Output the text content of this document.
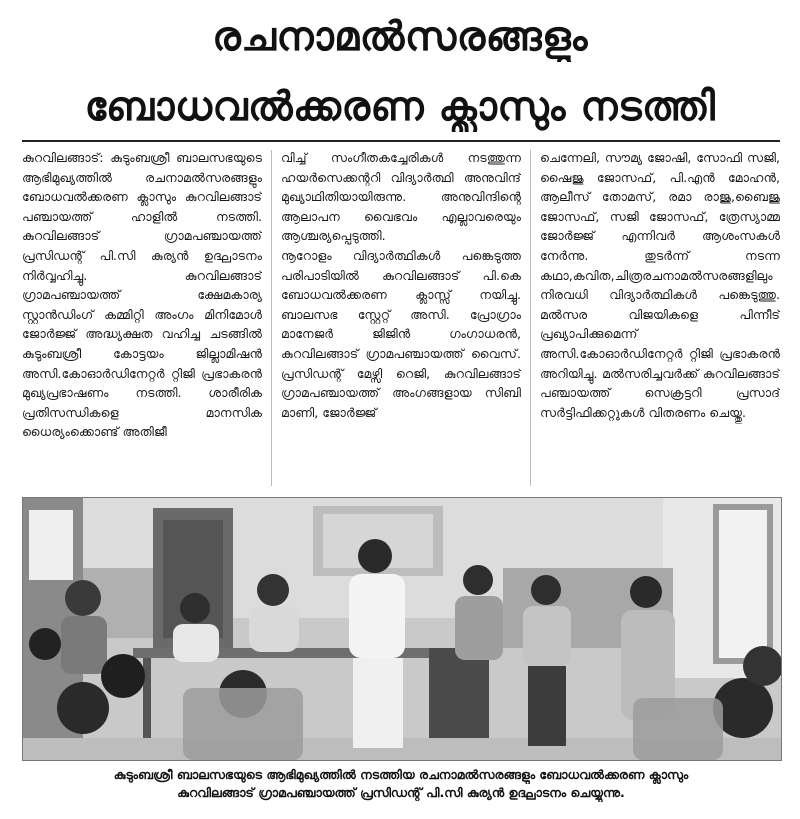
രചനാമൽസരങ്ങളും
ബോധവൽക്കരണ ക്ലാസും നടത്തി

കുറവിലങ്ങാട്: കുടുംബശ്രീ ബാലസഭയുടെ ആഭിമുഖ്യത്തിൽ രചനാമൽസരങ്ങളും ബോധവൽക്കരണ ക്ലാസും കുറവിലങ്ങാട് പഞ്ചായത്ത് ഹാളിൽ നടത്തി. കുറവിലങ്ങാട് ഗ്രാമപഞ്ചായത്ത് പ്രസിഡന്റ് പി.സി കുര്യൻ ഉദ്ഘാടനം നിർവ്വഹിച്ചു. കുറവിലങ്ങാട് ഗ്രാമപഞ്ചായത്ത് ക്ഷേമകാര്യ സ്റ്റാൻഡിംഗ് കമ്മിറ്റി അംഗം മിനിമോൾ ജോർജ്ജ് അദ്ധ്യക്ഷത വഹിച്ച ചടങ്ങിൽ കുടുംബശ്രീ കോട്ടയം ജില്ലാമിഷൻ അസി.കോഓർഡിനേറ്റർ റ്റിജി പ്രഭാകരൻ മുഖ്യപ്രഭാഷണം നടത്തി. ശാരീരിക പ്രതിസന്ധികളെ മാനസിക ധൈര്യംക്കൊണ്ട് അതിജീ

വിച്ച് സംഗീതകച്ചേരികൾ നടത്തുന്ന ഹയർസെക്കന്ററി വിദ്യാർത്ഥി അനുവിന്ദ് മുഖ്യാഥിതിയായിരുന്നു. അനുവിന്ദിന്റെ ആലാപന വൈഭവം എല്ലാവരെയും ആശ്ചര്യപ്പെടുത്തി.

നൂറോളം വിദ്യാർത്ഥികൾ പങ്കെടുത്ത പരിപാടിയിൽ കുറവിലങ്ങാട് പി.കെ ബോധവൽക്കരണ ക്ലാസ്സ് നയിച്ചു. ബാലസഭ സ്റ്റേറ്റ് അസി. പ്രോഗ്രാം മാനേജർ ജിജിൻ ഗംഗാധരൻ, കുറവിലങ്ങാട് ഗ്രാമപഞ്ചായത്ത് വൈസ്. പ്രസിഡന്റ് മേഴ്സി റെജി, കുറവിലങ്ങാട് ഗ്രാമപഞ്ചായത്ത് അംഗങ്ങളായ സിബി മാണി, ജോർജ്ജ്

ചെന്നേലി, സൗമ്യ ജോഷി, സോഫി സജി, ഷൈജു ജോസഫ്, പി.എൻ മോഹൻ, ആലീസ് തോമസ്, രമാ രാജു,ബൈജു ജോസഫ്, സജി ജോസഫ്, ത്രേസ്യാമ്മ ജോർജ്ജ് എന്നിവർ ആശംസകൾ നേർന്നു. തുടർന്ന് നടന്ന കഥാ,കവിത,ചിത്രരചനാമൽസരങ്ങളിലും നിരവധി വിദ്യാർത്ഥികൾ പങ്കെടുത്തു. മൽസര വിജയികളെ പിന്നീട് പ്രഖ്യാപിക്കുമെന്ന് അസി.കോഓർഡിനേറ്റർ റ്റിജി പ്രഭാകരൻ അറിയിച്ചു. മൽസരിച്ചവർക്ക് കുറവിലങ്ങാട് പഞ്ചായത്ത് സെക്രട്ടറി പ്രസാദ് സർട്ടിഫിക്കറ്റുകൾ വിതരണം ചെയ്തു.

കുടുംബശ്രീ ബാലസഭയുടെ ആഭിമുഖ്യത്തിൽ നടത്തിയ രചനാമൽസരങ്ങളും ബോധവൽക്കരണ ക്ലാസും
കുറവിലങ്ങാട് ഗ്രാമപഞ്ചായത്ത് പ്രസിഡന്റ് പി.സി കുര്യൻ ഉദ്ഘാടനം ചെയ്യുന്നു.
